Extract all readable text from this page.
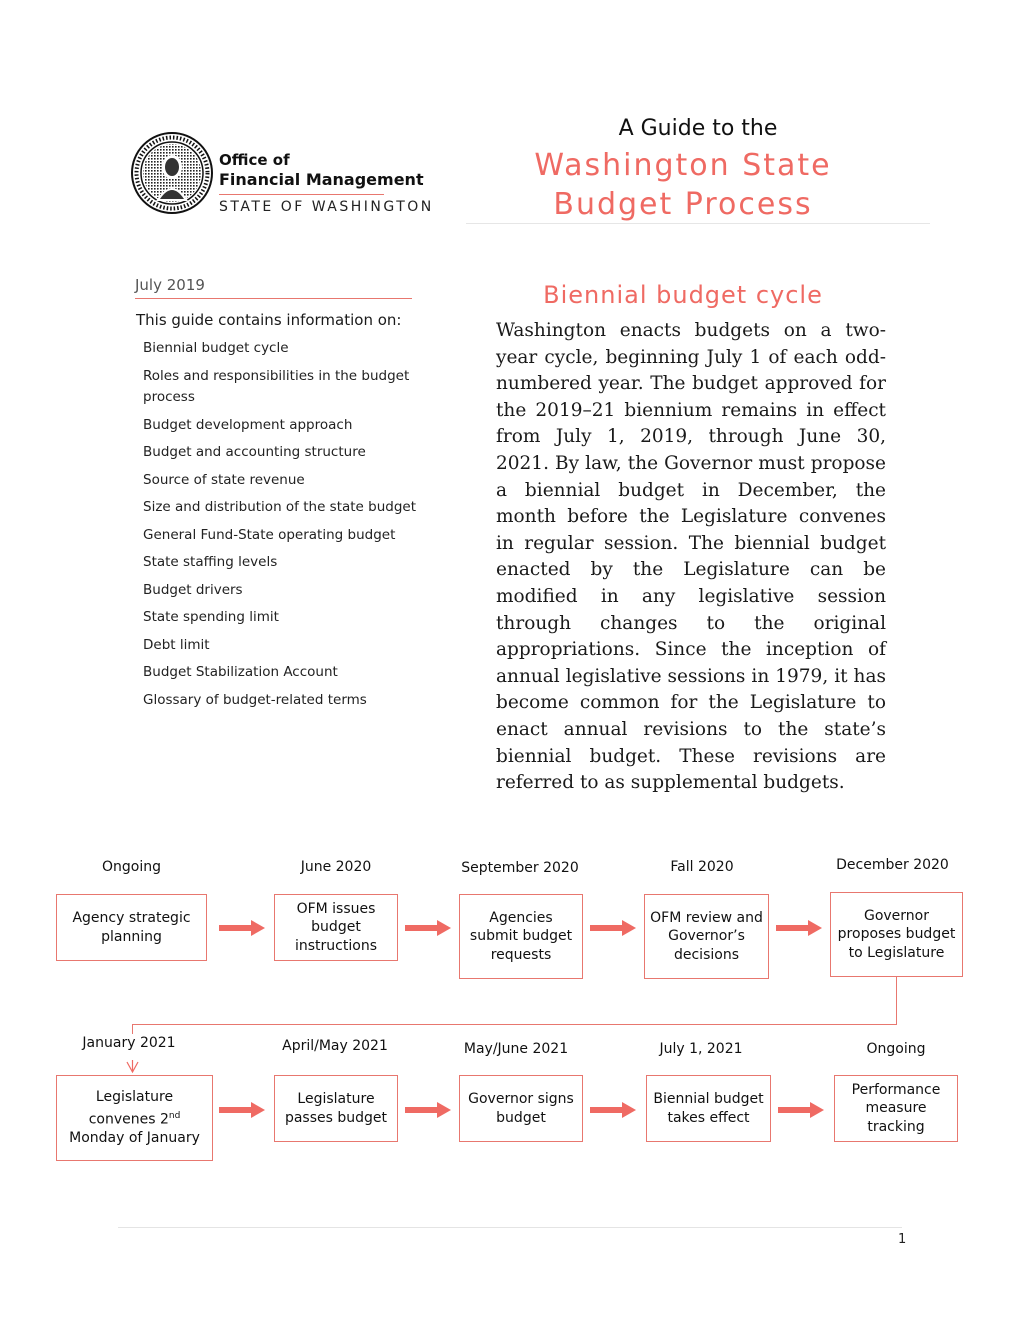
Office of
Financial Management
STATE OF WASHINGTON
A Guide to the
Washington State
Budget Process
July 2019
This guide contains information on:
Biennial budget cycle
Roles and responsibilities in the budget process
Budget development approach
Budget and accounting structure
Source of state revenue
Size and distribution of the state budget
General Fund-State operating budget
State staffing levels
Budget drivers
State spending limit
Debt limit
Budget Stabilization Account
Glossary of budget-related terms
Biennial budget cycle
Washington enacts budgets on a two-year cycle, beginning July 1 of each odd-numbered year. The budget approved for the 2019–21 biennium remains in effect from July 1, 2019, through June 30, 2021. By law, the Governor must propose a biennial budget in December, the month before the Legislature convenes in regular session. The biennial budget enacted by the Legislature can be modified in any legislative session through changes to the original appropriations. Since the inception of annual legislative sessions in 1979, it has become common for the Legislature to enact annual revisions to the state’s biennial budget. These revisions are referred to as supplemental budgets.
Ongoing
Agency strategic planning
June 2020
OFM issues budget instructions
September 2020
Agencies submit budget requests
Fall 2020
OFM review and Governor’s decisions
December 2020
Governor proposes budget to Legislature
January 2021
Legislature convenes 2nd Monday of January
April/May 2021
Legislature passes budget
May/June 2021
Governor signs budget
July 1, 2021
Biennial budget takes effect
Ongoing
Performance measure tracking
1
